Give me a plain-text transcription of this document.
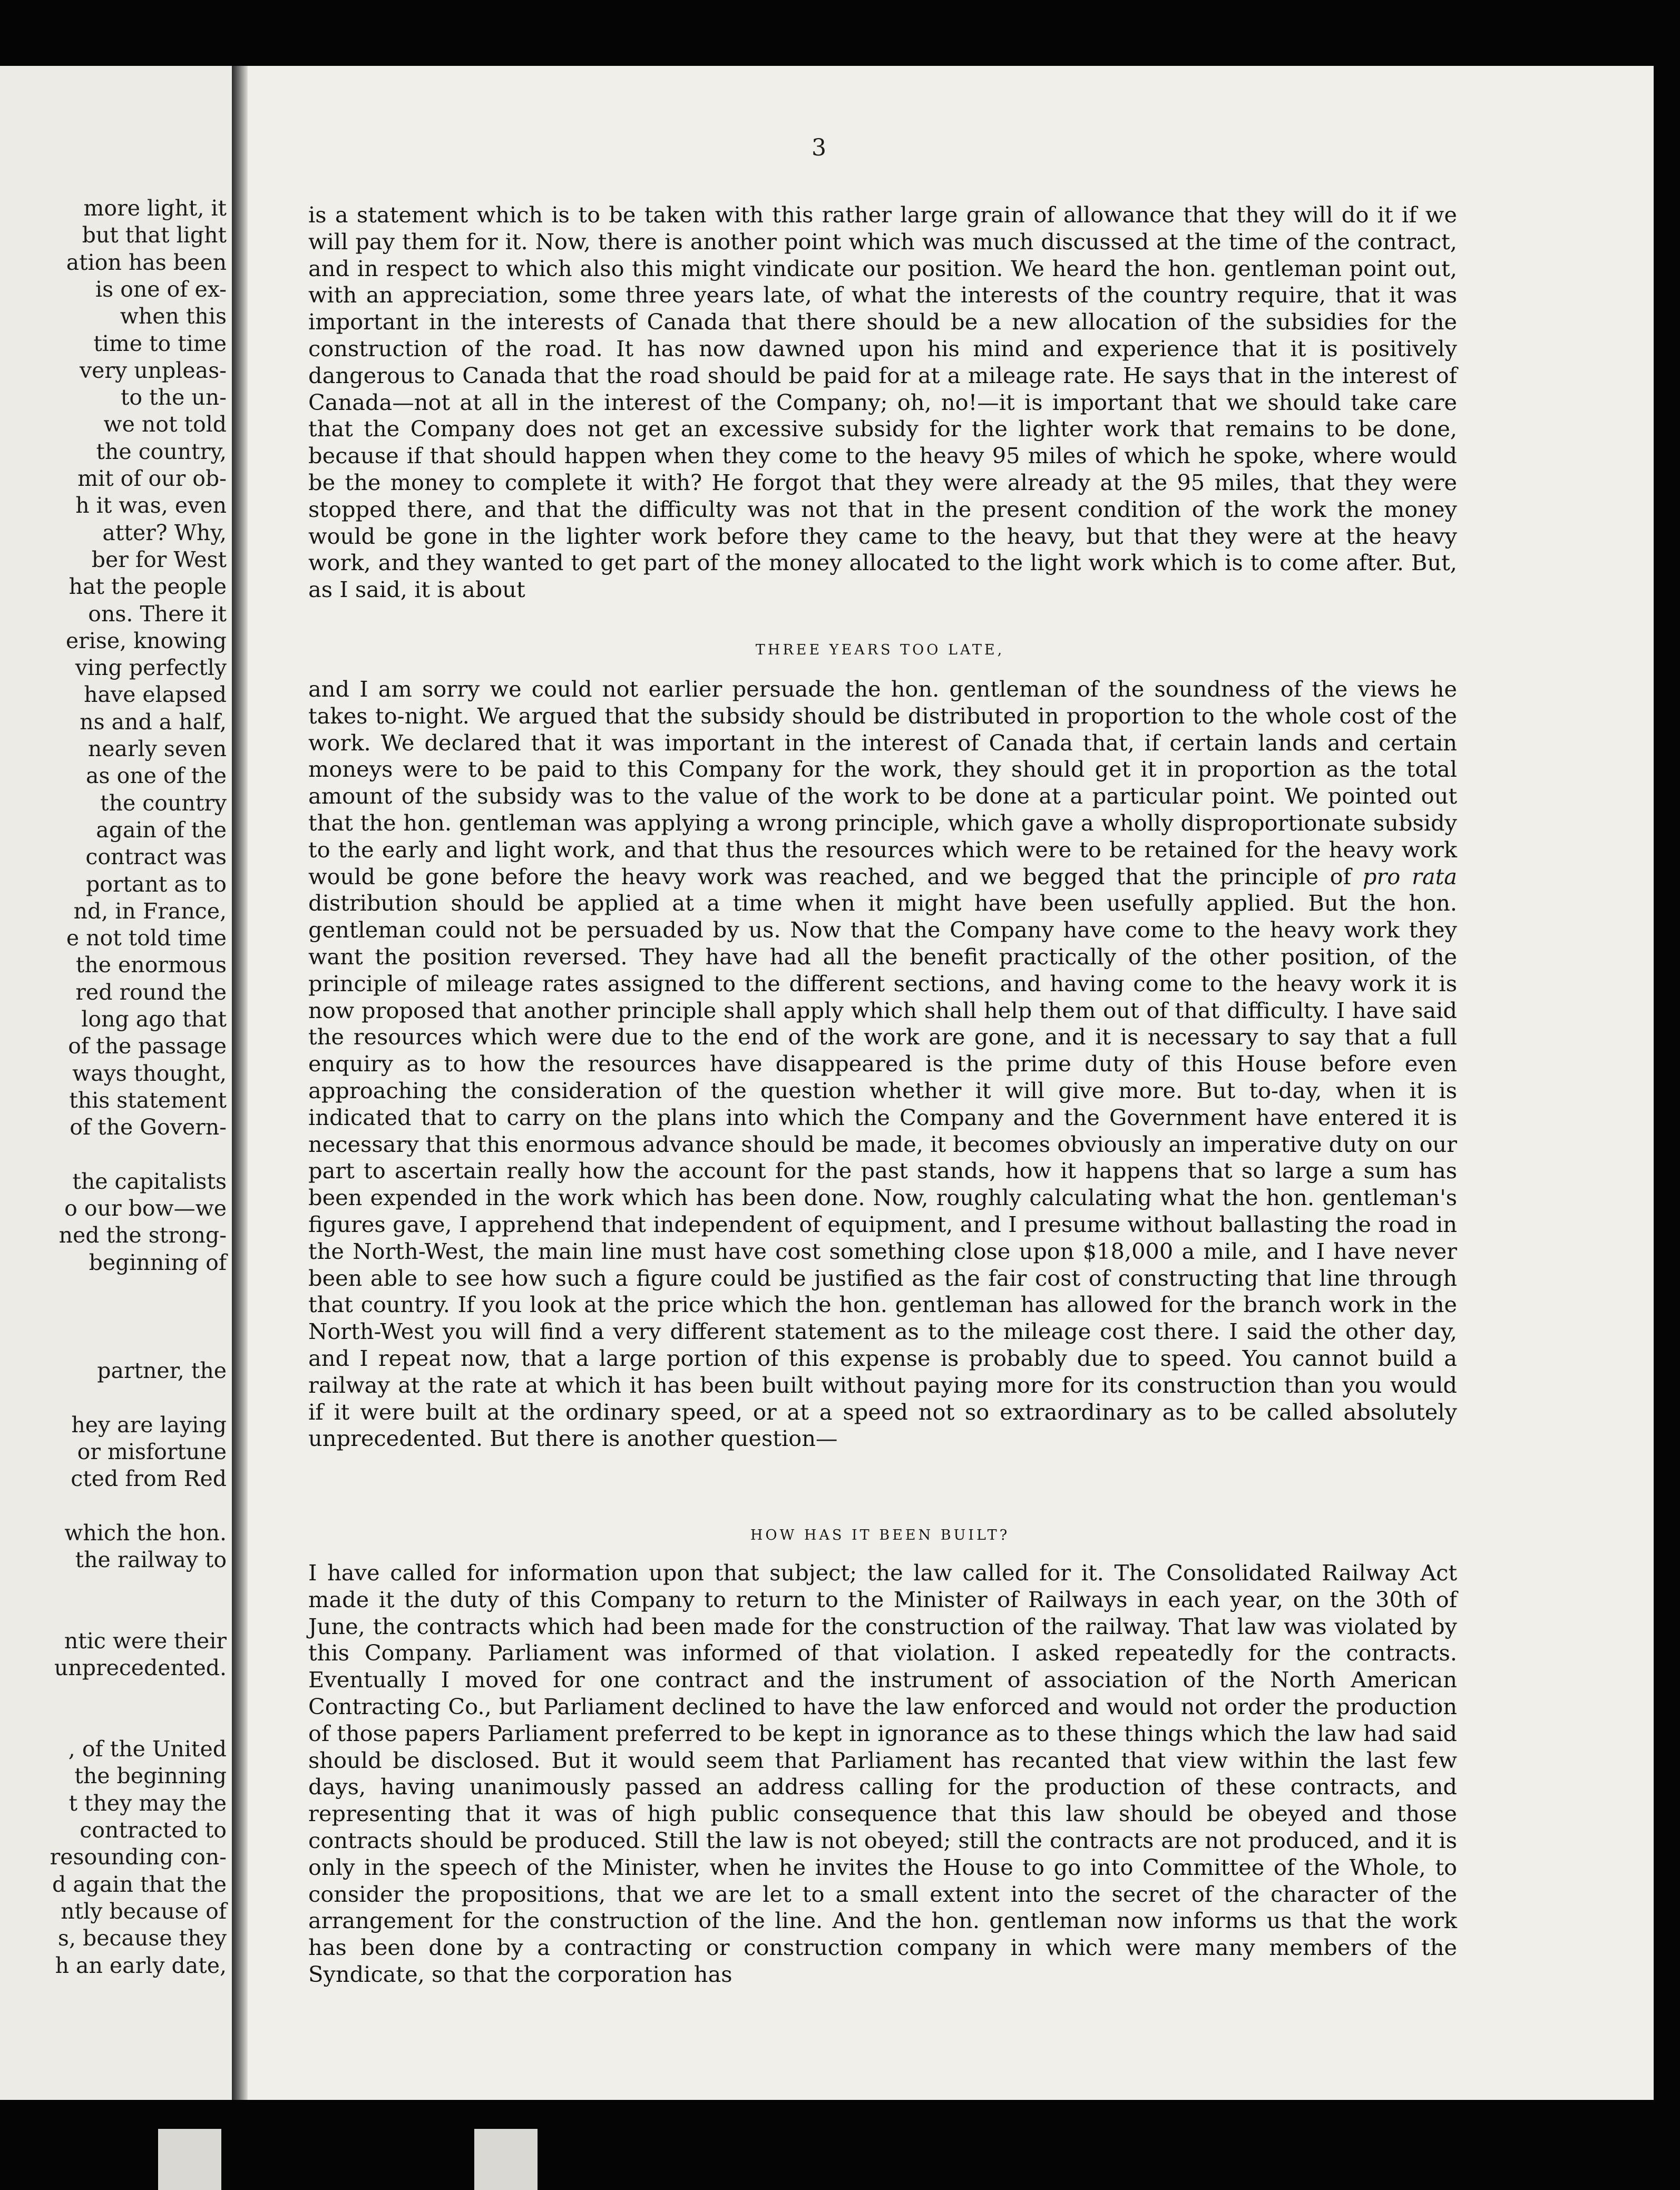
more light, it

but that light

ation has been

is one of ex-

when this

time to time

very unpleas-

to the un-

we not told

the country,

mit of our ob-

h it was, even

atter? Why,

ber for West

hat the people

ons. There it

erise, knowing

ving perfectly

have elapsed

ns and a half,

nearly seven

as one of the

the country

again of the

contract was

portant as to

nd, in France,

e not told time

the enormous

red round the

long ago that

of the passage

ways thought,

this statement

of the Govern-

the capitalists

o our bow—we

ned the strong-

beginning of

partner, the

hey are laying

or misfortune

cted from Red

which the hon.

the railway to

ntic were their

unprecedented.

, of the United

the beginning

t they may the

contracted to

resounding con-

d again that the

ntly because of

s, because they

h an early date,

3

is a statement which is to be taken with this rather large grain of allowance that they will do it if we will pay them for it. Now, there is another point which was much discussed at the time of the contract, and in respect to which also this might vindicate our position. We heard the hon. gentleman point out, with an appreciation, some three years late, of what the interests of the country require, that it was important in the interests of Canada that there should be a new allocation of the subsidies for the construction of the road. It has now dawned upon his mind and experience that it is positively dangerous to Canada that the road should be paid for at a mileage rate. He says that in the interest of Canada—not at all in the interest of the Company; oh, no!—it is important that we should take care that the Company does not get an excessive subsidy for the lighter work that remains to be done, because if that should happen when they come to the heavy 95 miles of which he spoke, where would be the money to complete it with? He forgot that they were already at the 95 miles, that they were stopped there, and that the difficulty was not that in the present condition of the work the money would be gone in the lighter work before they came to the heavy, but that they were at the heavy work, and they wanted to get part of the money allocated to the light work which is to come after. But, as I said, it is about

THREE YEARS TOO LATE,

and I am sorry we could not earlier persuade the hon. gentleman of the soundness of the views he takes to-night. We argued that the subsidy should be distributed in proportion to the whole cost of the work. We declared that it was important in the interest of Canada that, if certain lands and certain moneys were to be paid to this Company for the work, they should get it in proportion as the total amount of the subsidy was to the value of the work to be done at a particular point. We pointed out that the hon. gentleman was applying a wrong principle, which gave a wholly disproportionate subsidy to the early and light work, and that thus the resources which were to be retained for the heavy work would be gone before the heavy work was reached, and we begged that the principle of pro rata distribution should be applied at a time when it might have been usefully applied. But the hon. gentleman could not be persuaded by us. Now that the Company have come to the heavy work they want the position reversed. They have had all the benefit practically of the other position, of the principle of mileage rates assigned to the different sections, and having come to the heavy work it is now proposed that another principle shall apply which shall help them out of that difficulty. I have said the resources which were due to the end of the work are gone, and it is necessary to say that a full enquiry as to how the resources have disappeared is the prime duty of this House before even approaching the consideration of the question whether it will give more. But to-day, when it is indicated that to carry on the plans into which the Company and the Government have entered it is necessary that this enormous advance should be made, it becomes obviously an imperative duty on our part to ascertain really how the account for the past stands, how it happens that so large a sum has been expended in the work which has been done. Now, roughly calculating what the hon. gentleman's figures gave, I apprehend that independent of equipment, and I presume without ballasting the road in the North-West, the main line must have cost something close upon $18,000 a mile, and I have never been able to see how such a figure could be justified as the fair cost of constructing that line through that country. If you look at the price which the hon. gentleman has allowed for the branch work in the North-West you will find a very different statement as to the mileage cost there. I said the other day, and I repeat now, that a large portion of this expense is probably due to speed. You cannot build a railway at the rate at which it has been built without paying more for its construction than you would if it were built at the ordinary speed, or at a speed not so extraordinary as to be called absolutely unprecedented. But there is another question—

HOW HAS IT BEEN BUILT?

I have called for information upon that subject; the law called for it. The Consolidated Railway Act made it the duty of this Company to return to the Minister of Railways in each year, on the 30th of June, the contracts which had been made for the construction of the railway. That law was violated by this Company. Parliament was informed of that violation. I asked repeatedly for the contracts. Eventually I moved for one contract and the instrument of association of the North American Contracting Co., but Parliament declined to have the law enforced and would not order the production of those papers Parliament preferred to be kept in ignorance as to these things which the law had said should be disclosed. But it would seem that Parliament has recanted that view within the last few days, having unanimously passed an address calling for the production of these contracts, and representing that it was of high public consequence that this law should be obeyed and those contracts should be produced. Still the law is not obeyed; still the contracts are not produced, and it is only in the speech of the Minister, when he invites the House to go into Committee of the Whole, to consider the propositions, that we are let to a small extent into the secret of the character of the arrangement for the construction of the line. And the hon. gentleman now informs us that the work has been done by a contracting or construction company in which were many members of the Syndicate, so that the corporation has
